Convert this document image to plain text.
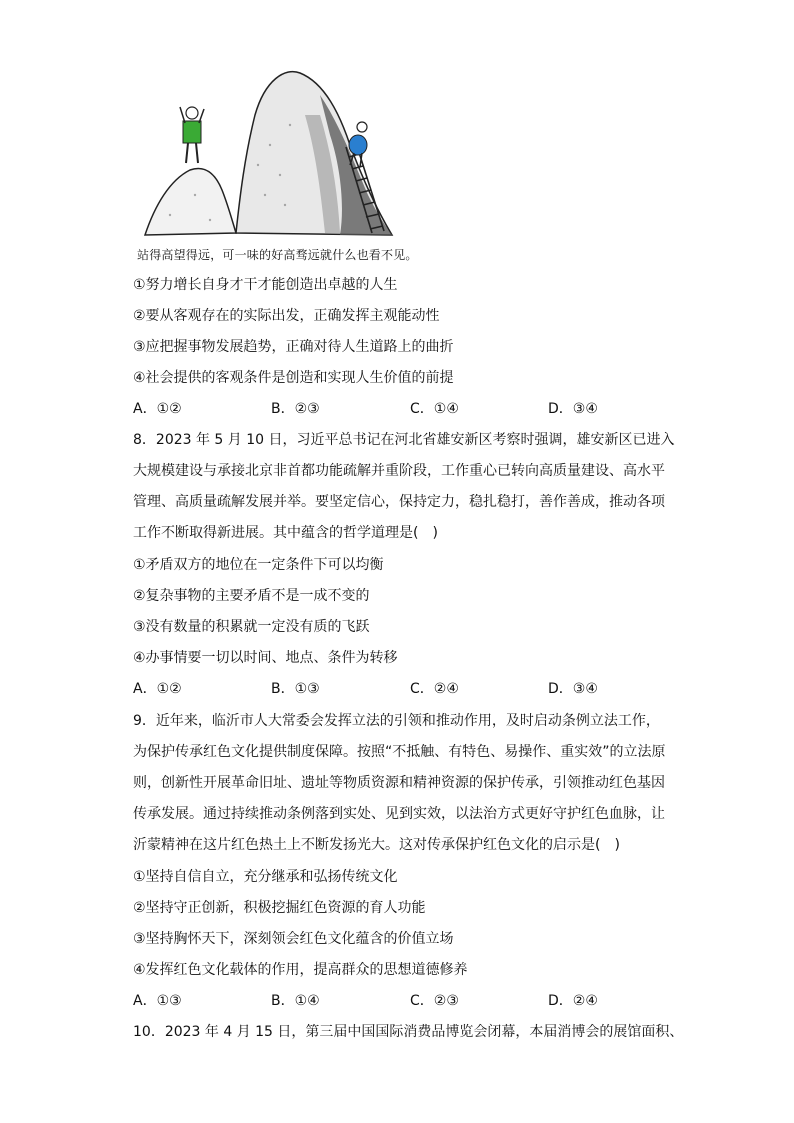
站得高望得远，可一味的好高骛远就什么也看不见。
①努力增长自身才干才能创造出卓越的人生
②要从客观存在的实际出发，正确发挥主观能动性
③应把握事物发展趋势，正确对待人生道路上的曲折
④社会提供的客观条件是创造和实现人生价值的前提
A．①②	B．②③	C．①④	D．③④
8．2023 年 5 月 10 日，习近平总书记在河北省雄安新区考察时强调，雄安新区已进入
大规模建设与承接北京非首都功能疏解并重阶段，工作重心已转向高质量建设、高水平
管理、高质量疏解发展并举。要坚定信心，保持定力，稳扎稳打，善作善成，推动各项
工作不断取得新进展。其中蕴含的哲学道理是(　)
①矛盾双方的地位在一定条件下可以均衡
②复杂事物的主要矛盾不是一成不变的
③没有数量的积累就一定没有质的飞跃
④办事情要一切以时间、地点、条件为转移
A．①②	B．①③	C．②④	D．③④
9．近年来，临沂市人大常委会发挥立法的引领和推动作用，及时启动条例立法工作，
为保护传承红色文化提供制度保障。按照“不抵触、有特色、易操作、重实效”的立法原
则，创新性开展革命旧址、遗址等物质资源和精神资源的保护传承，引领推动红色基因
传承发展。通过持续推动条例落到实处、见到实效，以法治方式更好守护红色血脉，让
沂蒙精神在这片红色热土上不断发扬光大。这对传承保护红色文化的启示是(　)
①坚持自信自立，充分继承和弘扬传统文化
②坚持守正创新，积极挖掘红色资源的育人功能
③坚持胸怀天下，深刻领会红色文化蕴含的价值立场
④发挥红色文化载体的作用，提高群众的思想道德修养
A．①③	B．①④	C．②③	D．②④
10．2023 年 4 月 15 日，第三届中国国际消费品博览会闭幕，本届消博会的展馆面积、
